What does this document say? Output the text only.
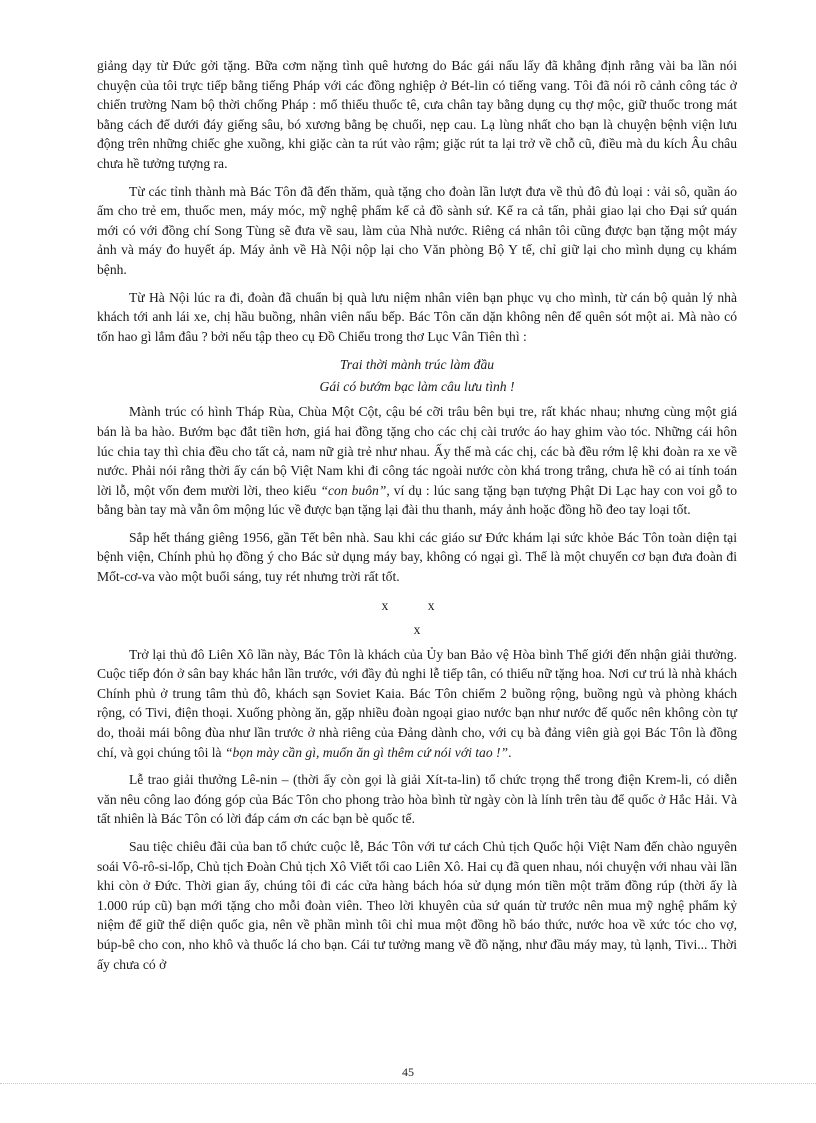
giảng dạy từ Đức gởi tặng. Bữa cơm nặng tình quê hương do Bác gái nấu lấy đã khẳng định rằng vài ba lần nói chuyện của tôi trực tiếp bằng tiếng Pháp với các đồng nghiệp ở Bét-lin có tiếng vang. Tôi đã nói rõ cảnh công tác ở chiến trường Nam bộ thời chống Pháp : mổ thiếu thuốc tê, cưa chân tay bằng dụng cụ thợ mộc, giữ thuốc trong mát bằng cách để dưới đáy giếng sâu, bó xương bằng bẹ chuối, nẹp cau. Lạ lùng nhất cho bạn là chuyện bệnh viện lưu động trên những chiếc ghe xuồng, khi giặc càn ta rút vào rậm; giặc rút ta lại trở về chỗ cũ, điều mà du kích Âu châu chưa hề tưởng tượng ra.

Từ các tỉnh thành mà Bác Tôn đã đến thăm, quà tặng cho đoàn lần lượt đưa về thủ đô đủ loại : vải sô, quần áo ấm cho trẻ em, thuốc men, máy móc, mỹ nghệ phẩm kể cả đồ sành sứ. Kể ra cả tấn, phải giao lại cho Đại sứ quán mới có với đồng chí Song Tùng sẽ đưa về sau, làm của Nhà nước. Riêng cá nhân tôi cũng được bạn tặng một máy ảnh và máy đo huyết áp. Máy ảnh về Hà Nội nộp lại cho Văn phòng Bộ Y tế, chỉ giữ lại cho mình dụng cụ khám bệnh.

Từ Hà Nội lúc ra đi, đoàn đã chuẩn bị quà lưu niệm nhân viên bạn phục vụ cho mình, từ cán bộ quản lý nhà khách tới anh lái xe, chị hầu buồng, nhân viên nấu bếp. Bác Tôn căn dặn không nên để quên sót một ai. Mà nào có tốn hao gì lắm đâu ? bởi nếu tập theo cụ Đồ Chiểu trong thơ Lục Vân Tiên thì :

Trai thời mành trúc làm đầu

Gái có bướm bạc làm câu lưu tình !

Mành trúc có hình Tháp Rùa, Chùa Một Cột, cậu bé cỡi trâu bên bụi tre, rất khác nhau; nhưng cùng một giá bán là ba hào. Bướm bạc đắt tiền hơn, giá hai đồng tặng cho các chị cài trước áo hay ghim vào tóc. Những cái hôn lúc chia tay thì chia đều cho tất cả, nam nữ già trẻ như nhau. Ấy thế mà các chị, các bà đều rớm lệ khi đoàn ra xe về nước. Phải nói rằng thời ấy cán bộ Việt Nam khi đi công tác ngoài nước còn khá trong trắng, chưa hề có ai tính toán lời lỗ, một vốn đem mười lời, theo kiểu “con buôn”, ví dụ : lúc sang tặng bạn tượng Phật Di Lạc hay con voi gỗ to bằng bàn tay mà vẫn ôm mộng lúc về được bạn tặng lại đài thu thanh, máy ảnh hoặc đồng hồ đeo tay loại tốt.

Sắp hết tháng giêng 1956, gần Tết bên nhà. Sau khi các giáo sư Đức khám lại sức khỏe Bác Tôn toàn diện tại bệnh viện, Chính phủ họ đồng ý cho Bác sử dụng máy bay, không có ngại gì. Thế là một chuyến cơ bạn đưa đoàn đi Mốt-cơ-va vào một buổi sáng, tuy rét nhưng trời rất tốt.

x x
x

Trở lại thủ đô Liên Xô lần này, Bác Tôn là khách của Ủy ban Bảo vệ Hòa bình Thế giới đến nhận giải thưởng. Cuộc tiếp đón ở sân bay khác hẳn lần trước, với đầy đủ nghi lễ tiếp tân, có thiếu nữ tặng hoa. Nơi cư trú là nhà khách Chính phủ ở trung tâm thủ đô, khách sạn Soviet Kaia. Bác Tôn chiếm 2 buồng rộng, buồng ngủ và phòng khách rộng, có Tivi, điện thoại. Xuống phòng ăn, gặp nhiều đoàn ngoại giao nước bạn như nước đế quốc nên không còn tự do, thoải mái bông đùa như lần trước ở nhà riêng của Đảng dành cho, với cụ bà đảng viên già gọi Bác Tôn là đồng chí, và gọi chúng tôi là “bọn mày cần gì, muốn ăn gì thêm cứ nói với tao !”.

Lễ trao giải thưởng Lê-nin – (thời ấy còn gọi là giải Xít-ta-lin) tổ chức trọng thể trong điện Krem-li, có diễn văn nêu công lao đóng góp của Bác Tôn cho phong trào hòa bình từ ngày còn là lính trên tàu để quốc ở Hắc Hải. Và tất nhiên là Bác Tôn có lời đáp cám ơn các bạn bè quốc tế.

Sau tiệc chiêu đãi của ban tổ chức cuộc lễ, Bác Tôn với tư cách Chủ tịch Quốc hội Việt Nam đến chào nguyên soái Vô-rô-si-lốp, Chủ tịch Đoàn Chủ tịch Xô Viết tối cao Liên Xô. Hai cụ đã quen nhau, nói chuyện với nhau vài lần khi còn ở Đức. Thời gian ấy, chúng tôi đi các cửa hàng bách hóa sử dụng món tiền một trăm đồng rúp (thời ấy là 1.000 rúp cũ) bạn mới tặng cho mỗi đoàn viên. Theo lời khuyên của sứ quán từ trước nên mua mỹ nghệ phẩm kỷ niệm để giữ thể diện quốc gia, nên về phần mình tôi chỉ mua một đồng hồ báo thức, nước hoa về xức tóc cho vợ, búp-bê cho con, nho khô và thuốc lá cho bạn. Cái tư tưởng mang về đồ nặng, như đầu máy may, tủ lạnh, Tivi... Thời ấy chưa có ở

45
